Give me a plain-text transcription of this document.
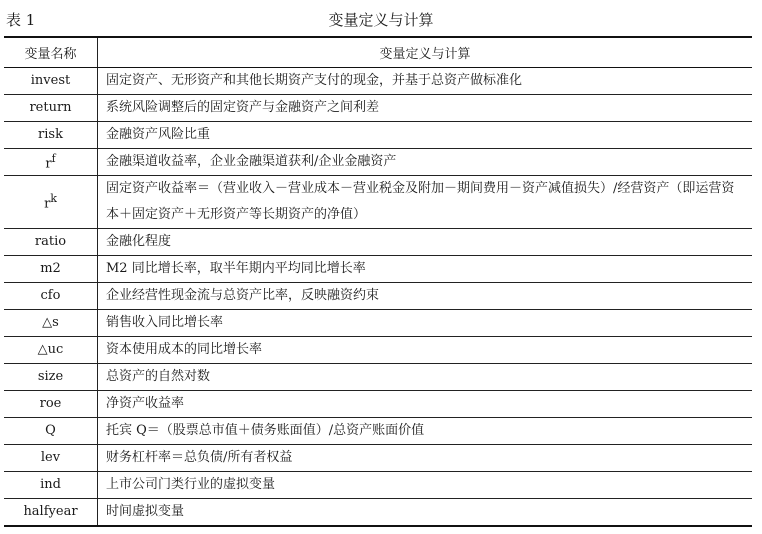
表 1	变量定义与计算
变量名称	变量定义与计算
invest	固定资产、无形资产和其他长期资产支付的现金，并基于总资产做标准化
return	系统风险调整后的固定资产与金融资产之间利差
risk	金融资产风险比重
$r^f$	金融渠道收益率，企业金融渠道获利/企业金融资产
$r^k$	固定资产收益率＝（营业收入－营业成本－营业税金及附加－期间费用－资产减值损失）/经营资产（即运营资本＋固定资产＋无形资产等长期资产的净值）
ratio	金融化程度
m2	M2 同比增长率，取半年期内平均同比增长率
cfo	企业经营性现金流与总资产比率，反映融资约束
△s	销售收入同比增长率
△uc	资本使用成本的同比增长率
size	总资产的自然对数
roe	净资产收益率
Q	托宾 Q＝（股票总市值＋债务账面值）/总资产账面价值
lev	财务杠杆率＝总负债/所有者权益
ind	上市公司门类行业的虚拟变量
halfyear	时间虚拟变量
